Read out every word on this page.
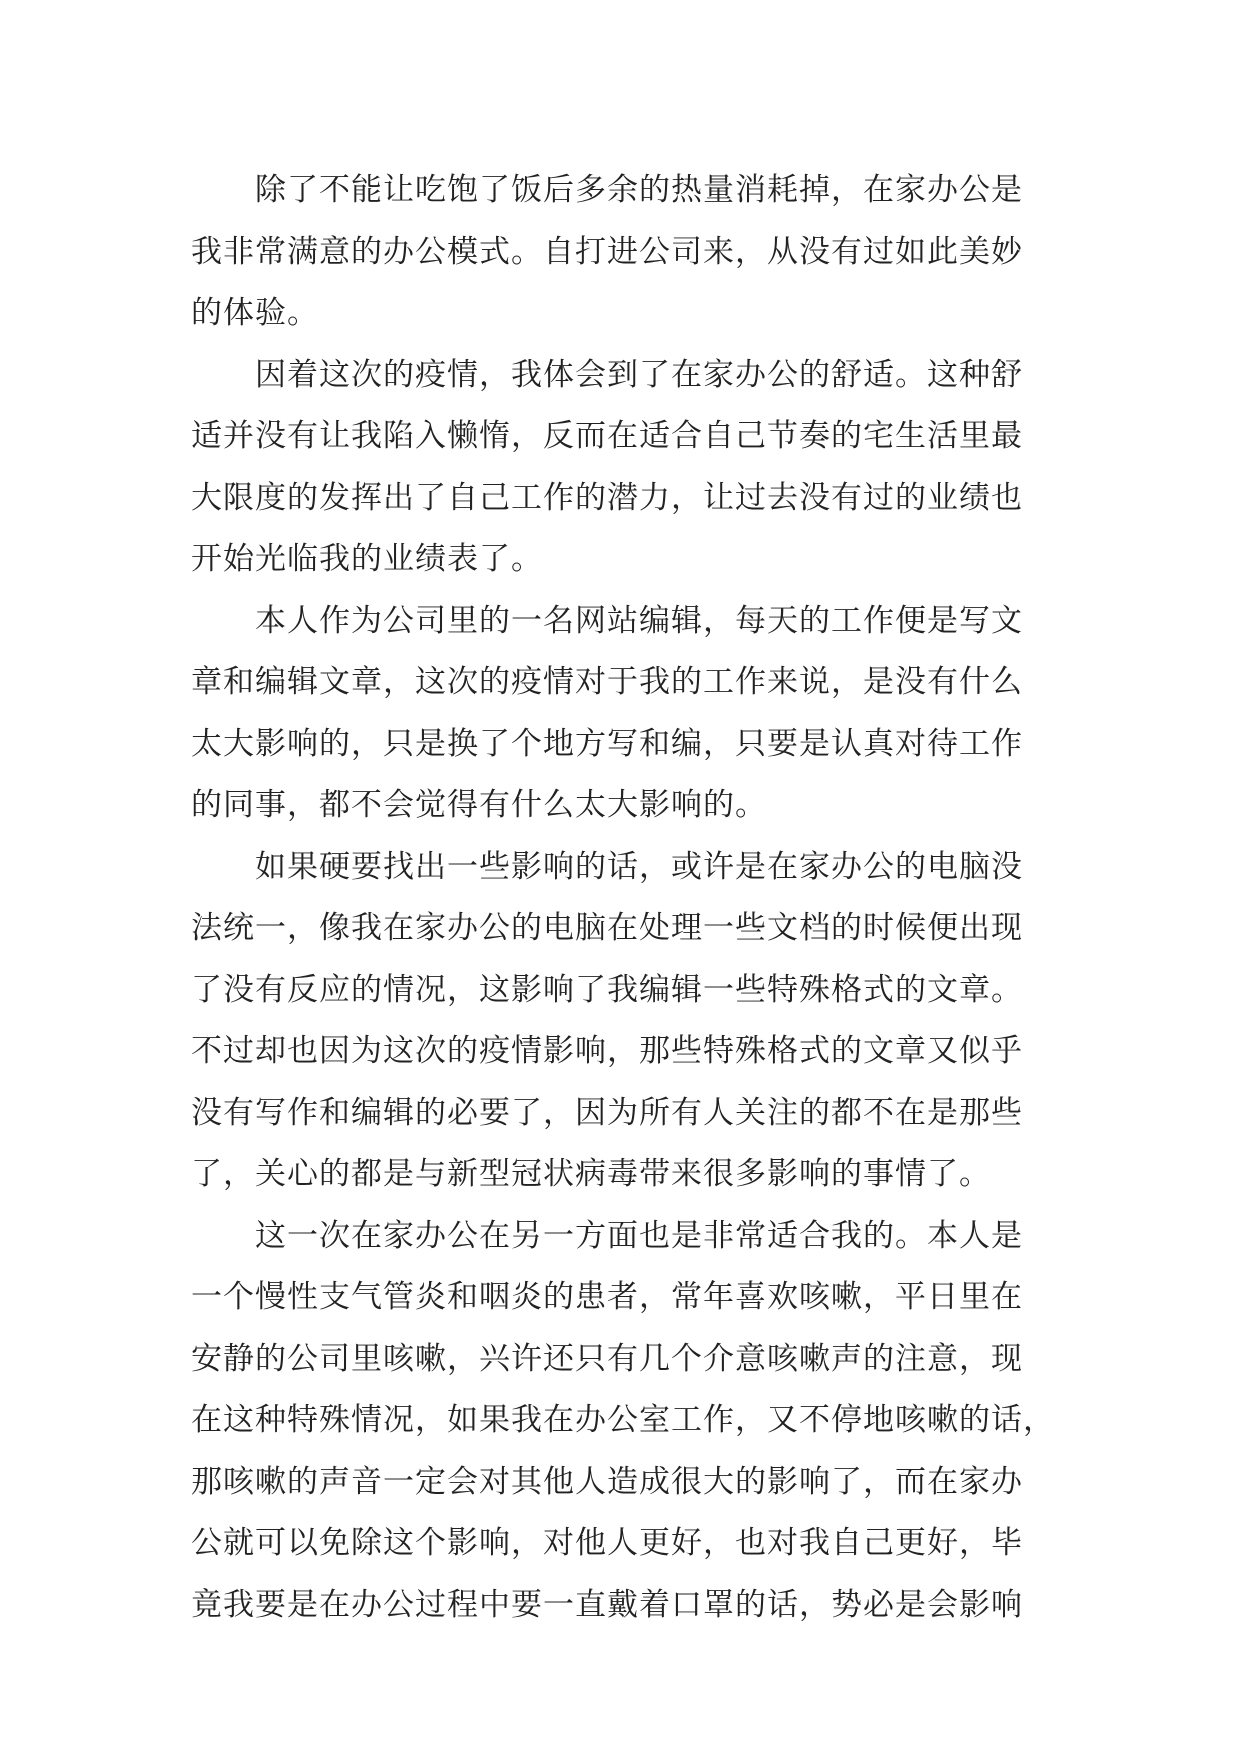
除了不能让吃饱了饭后多余的热量消耗掉，在家办公是
我非常满意的办公模式。自打进公司来，从没有过如此美妙
的体验。
因着这次的疫情，我体会到了在家办公的舒适。这种舒
适并没有让我陷入懒惰，反而在适合自己节奏的宅生活里最
大限度的发挥出了自己工作的潜力，让过去没有过的业绩也
开始光临我的业绩表了。
本人作为公司里的一名网站编辑，每天的工作便是写文
章和编辑文章，这次的疫情对于我的工作来说，是没有什么
太大影响的，只是换了个地方写和编，只要是认真对待工作
的同事，都不会觉得有什么太大影响的。
如果硬要找出一些影响的话，或许是在家办公的电脑没
法统一，像我在家办公的电脑在处理一些文档的时候便出现
了没有反应的情况，这影响了我编辑一些特殊格式的文章。
不过却也因为这次的疫情影响，那些特殊格式的文章又似乎
没有写作和编辑的必要了，因为所有人关注的都不在是那些
了，关心的都是与新型冠状病毒带来很多影响的事情了。
这一次在家办公在另一方面也是非常适合我的。本人是
一个慢性支气管炎和咽炎的患者，常年喜欢咳嗽，平日里在
安静的公司里咳嗽，兴许还只有几个介意咳嗽声的注意，现
在这种特殊情况，如果我在办公室工作，又不停地咳嗽的话，
那咳嗽的声音一定会对其他人造成很大的影响了，而在家办
公就可以免除这个影响，对他人更好，也对我自己更好，毕
竟我要是在办公过程中要一直戴着口罩的话，势必是会影响
